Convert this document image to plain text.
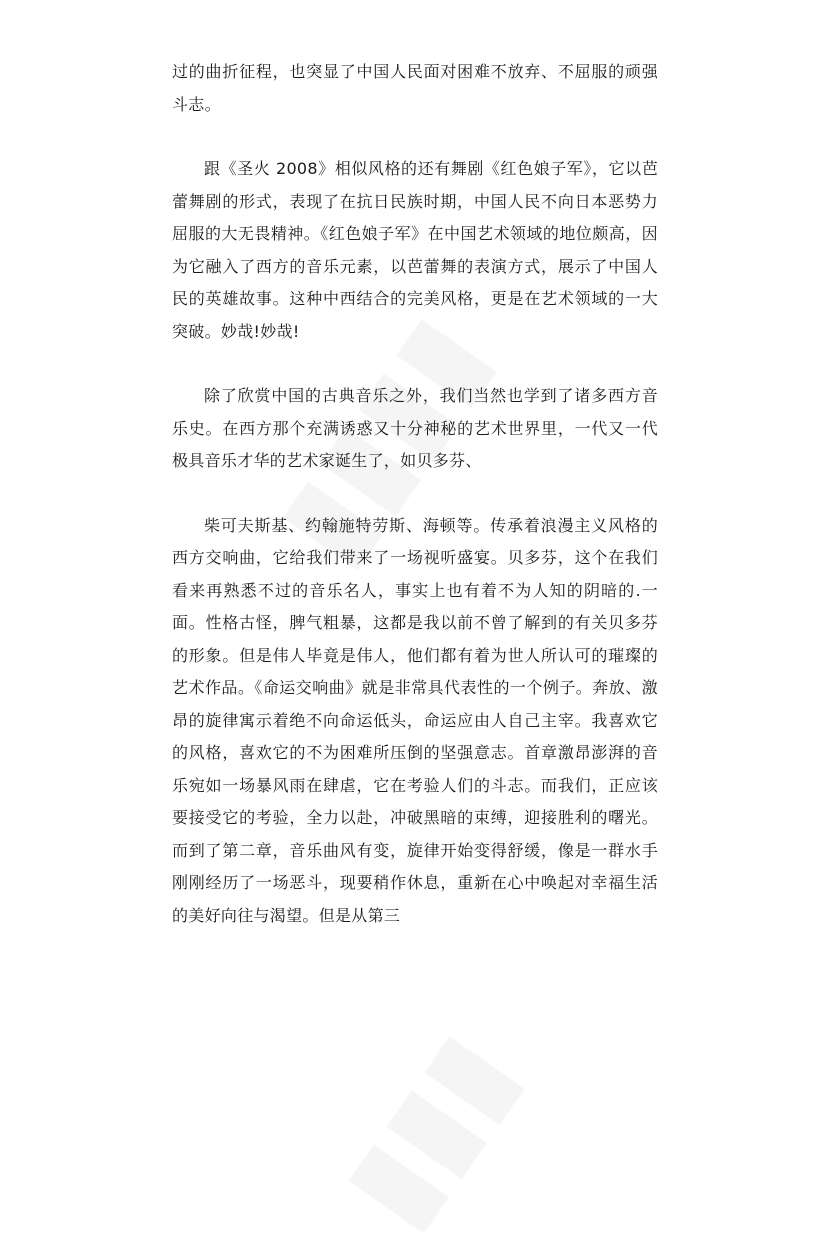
过的曲折征程，也突显了中国人民面对困难不放弃、不屈服的顽强斗志。

跟《圣火 2008》相似风格的还有舞剧《红色娘子军》，它以芭蕾舞剧的形式，表现了在抗日民族时期，中国人民不向日本恶势力屈服的大无畏精神。《红色娘子军》在中国艺术领域的地位颇高，因为它融入了西方的音乐元素，以芭蕾舞的表演方式，展示了中国人民的英雄故事。这种中西结合的完美风格，更是在艺术领域的一大突破。妙哉!妙哉!

除了欣赏中国的古典音乐之外，我们当然也学到了诸多西方音乐史。在西方那个充满诱惑又十分神秘的艺术世界里，一代又一代极具音乐才华的艺术家诞生了，如贝多芬、

柴可夫斯基、约翰施特劳斯、海顿等。传承着浪漫主义风格的西方交响曲，它给我们带来了一场视听盛宴。贝多芬，这个在我们看来再熟悉不过的音乐名人，事实上也有着不为人知的阴暗的.一面。性格古怪，脾气粗暴，这都是我以前不曾了解到的有关贝多芬的形象。但是伟人毕竟是伟人，他们都有着为世人所认可的璀璨的艺术作品。《命运交响曲》就是非常具代表性的一个例子。奔放、激昂的旋律寓示着绝不向命运低头，命运应由人自己主宰。我喜欢它的风格，喜欢它的不为困难所压倒的坚强意志。首章激昂澎湃的音乐宛如一场暴风雨在肆虐，它在考验人们的斗志。而我们，正应该要接受它的考验，全力以赴，冲破黑暗的束缚，迎接胜利的曙光。而到了第二章，音乐曲风有变，旋律开始变得舒缓，像是一群水手刚刚经历了一场恶斗，现要稍作休息，重新在心中唤起对幸福生活的美好向往与渴望。但是从第三
